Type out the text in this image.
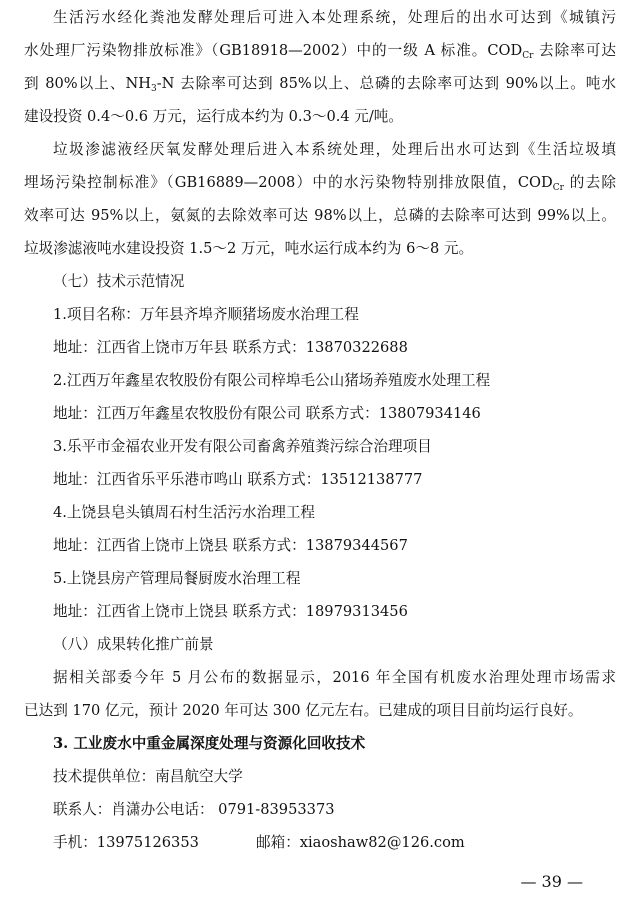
生活污水经化粪池发酵处理后可进入本处理系统，处理后的出水可达到《城镇污
水处理厂污染物排放标准》（GB18918—2002）中的一级 A 标准。$COD_{Cr}$ 去除率可达
到 80%以上、$NH_3-N$ 去除率可达到 85%以上、总磷的去除率可达到 90%以上。吨水
建设投资 0.4～0.6 万元，运行成本约为 0.3～0.4 元/吨。
垃圾渗滤液经厌氧发酵处理后进入本系统处理，处理后出水可达到《生活垃圾填
埋场污染控制标准》（GB16889—2008）中的水污染物特别排放限值，$COD_{Cr}$ 的去除
效率可达 95%以上，氨氮的去除效率可达 98%以上，总磷的去除率可达到 99%以上。
垃圾渗滤液吨水建设投资 1.5～2 万元，吨水运行成本约为 6～8 元。
（七）技术示范情况
1.项目名称：万年县齐埠齐顺猪场废水治理工程
地址：江西省上饶市万年县 联系方式：13870322688
2.江西万年鑫星农牧股份有限公司梓埠毛公山猪场养殖废水处理工程
地址：江西万年鑫星农牧股份有限公司 联系方式：13807934146
3.乐平市金福农业开发有限公司畜禽养殖粪污综合治理项目
地址：江西省乐平乐港市鸣山 联系方式：13512138777
4.上饶县皂头镇周石村生活污水治理工程
地址：江西省上饶市上饶县 联系方式：13879344567
5.上饶县房产管理局餐厨废水治理工程
地址：江西省上饶市上饶县 联系方式：18979313456
（八）成果转化推广前景
据相关部委今年 5 月公布的数据显示，2016 年全国有机废水治理处理市场需求
已达到 170 亿元，预计 2020 年可达 300 亿元左右。已建成的项目目前均运行良好。
3. 工业废水中重金属深度处理与资源化回收技术
技术提供单位：南昌航空大学
联系人：肖潇办公电话： 0791-83953373
手机：13975126353	邮箱：xiaoshaw82@126.com
— 39 —
